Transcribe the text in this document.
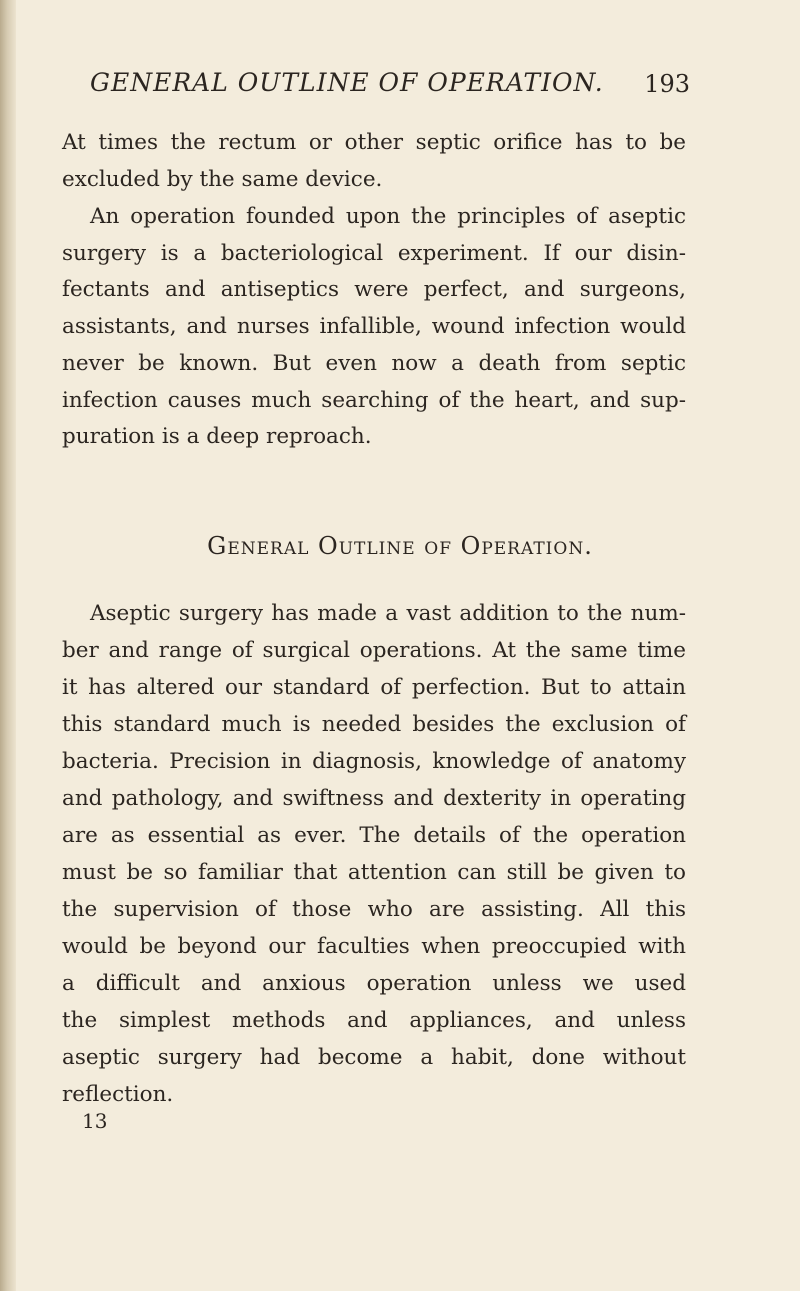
GENERAL OUTLINE OF OPERATION. 193
At times the rectum or other septic orifice has to be
excluded by the same device.
An operation founded upon the principles of aseptic
surgery is a bacteriological experiment. If our disin-
fectants and antiseptics were perfect, and surgeons,
assistants, and nurses infallible, wound infection would
never be known. But even now a death from septic
infection causes much searching of the heart, and sup-
puration is a deep reproach.
General Outline of Operation.
Aseptic surgery has made a vast addition to the num-
ber and range of surgical operations. At the same time
it has altered our standard of perfection. But to attain
this standard much is needed besides the exclusion of
bacteria. Precision in diagnosis, knowledge of anatomy
and pathology, and swiftness and dexterity in operating
are as essential as ever. The details of the operation
must be so familiar that attention can still be given to
the supervision of those who are assisting. All this
would be beyond our faculties when preoccupied with
a difficult and anxious operation unless we used
the simplest methods and appliances, and unless
aseptic surgery had become a habit, done without
reflection.
13
